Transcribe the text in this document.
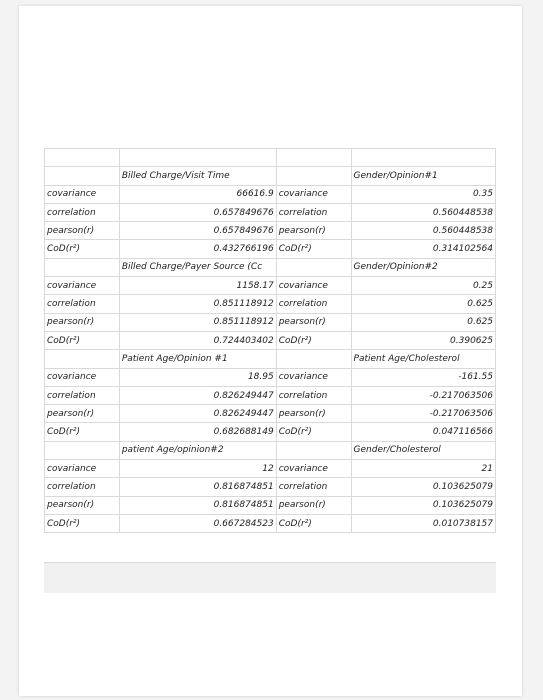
	Billed Charge/Visit Time		Gender/Opinion#1
covariance	66616.9	covariance	0.35
correlation	0.657849676	correlation	0.560448538
pearson(r)	0.657849676	pearson(r)	0.560448538
CoD(r²)	0.432766196	CoD(r²)	0.314102564
	Billed Charge/Payer Source (Cc		Gender/Opinion#2
covariance	1158.17	covariance	0.25
correlation	0.851118912	correlation	0.625
pearson(r)	0.851118912	pearson(r)	0.625
CoD(r²)	0.724403402	CoD(r²)	0.390625
	Patient Age/Opinion #1		Patient Age/Cholesterol
covariance	18.95	covariance	-161.55
correlation	0.826249447	correlation	-0.217063506
pearson(r)	0.826249447	pearson(r)	-0.217063506
CoD(r²)	0.682688149	CoD(r²)	0.047116566
	patient Age/opinion#2		Gender/Cholesterol
covariance	12	covariance	21
correlation	0.816874851	correlation	0.103625079
pearson(r)	0.816874851	pearson(r)	0.103625079
CoD(r²)	0.667284523	CoD(r²)	0.010738157
